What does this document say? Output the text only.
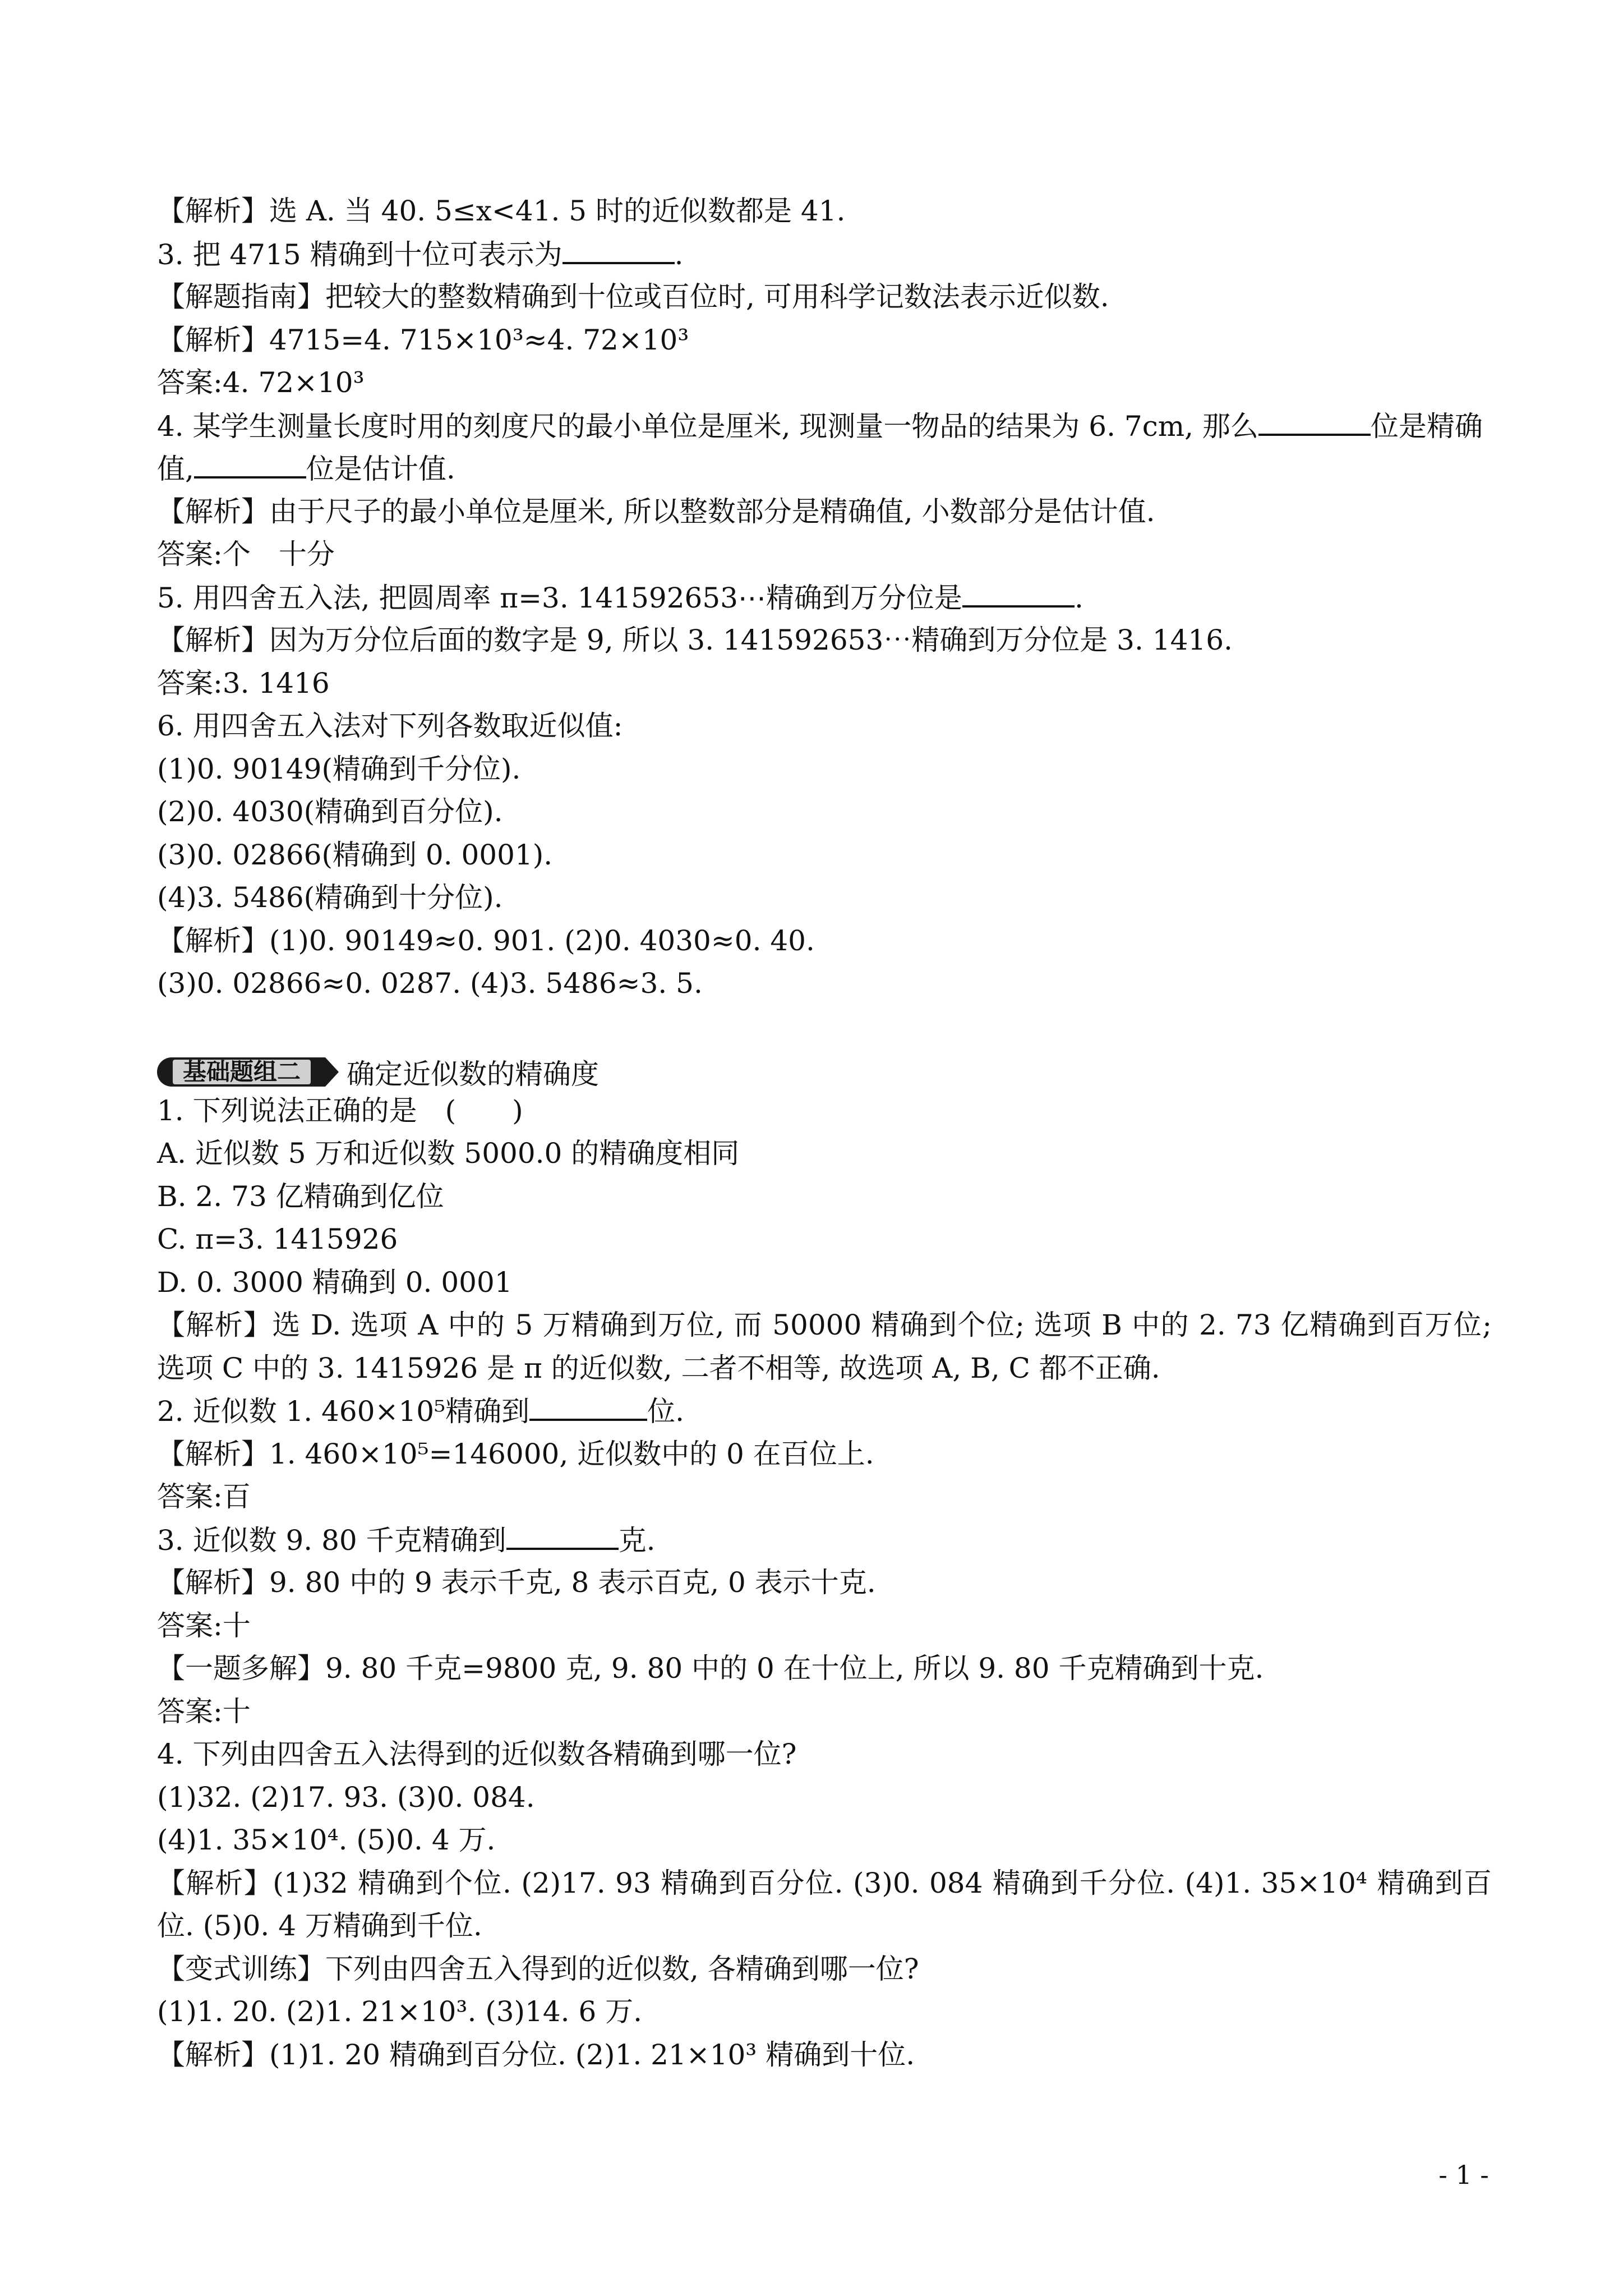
【解析】选 A. 当 40. 5≤x<41. 5 时的近似数都是 41.
3. 把 4715 精确到十位可表示为	.
【解题指南】把较大的整数精确到十位或百位时, 可用科学记数法表示近似数.
【解析】4715=4. 715×10³≈4. 72×10³
答案:4. 72×10³
4. 某学生测量长度时用的刻度尺的最小单位是厘米, 现测量一物品的结果为 6. 7cm, 那么	位是精确
值,	位是估计值.
【解析】由于尺子的最小单位是厘米, 所以整数部分是精确值, 小数部分是估计值.
答案:个　十分
5. 用四舍五入法, 把圆周率 π=3. 141592653⋯精确到万分位是	.
【解析】因为万分位后面的数字是 9, 所以 3. 141592653⋯精确到万分位是 3. 1416.
答案:3. 1416
6. 用四舍五入法对下列各数取近似值:
(1)0. 90149(精确到千分位).
(2)0. 4030(精确到百分位).
(3)0. 02866(精确到 0. 0001).
(4)3. 5486(精确到十分位).
【解析】(1)0. 90149≈0. 901. (2)0. 4030≈0. 40.
(3)0. 02866≈0. 0287. (4)3. 5486≈3. 5.
基础题组二	确定近似数的精确度
1. 下列说法正确的是　(　　)
A. 近似数 5 万和近似数 5000.0 的精确度相同
B. 2. 73 亿精确到亿位
C. π=3. 1415926
D. 0. 3000 精确到 0. 0001
【解析】选 D. 选项 A 中的 5 万精确到万位, 而 50000 精确到个位; 选项 B 中的 2. 73 亿精确到百万位; 选项 C 中的 3. 1415926 是 π 的近似数, 二者不相等, 故选项 A, B, C 都不正确.
2. 近似数 1. 460×10⁵精确到	位.
【解析】1. 460×10⁵=146000, 近似数中的 0 在百位上.
答案:百
3. 近似数 9. 80 千克精确到	克.
【解析】9. 80 中的 9 表示千克, 8 表示百克, 0 表示十克.
答案:十
【一题多解】9. 80 千克=9800 克, 9. 80 中的 0 在十位上, 所以 9. 80 千克精确到十克.
答案:十
4. 下列由四舍五入法得到的近似数各精确到哪一位?
(1)32. (2)17. 93. (3)0. 084.
(4)1. 35×10⁴. (5)0. 4 万.
【解析】(1)32 精确到个位. (2)17. 93 精确到百分位. (3)0. 084 精确到千分位. (4)1. 35×10⁴ 精确到百位. (5)0. 4 万精确到千位.
【变式训练】下列由四舍五入得到的近似数, 各精确到哪一位?
(1)1. 20. (2)1. 21×10³. (3)14. 6 万.
【解析】(1)1. 20 精确到百分位. (2)1. 21×10³ 精确到十位.
- 1 -
